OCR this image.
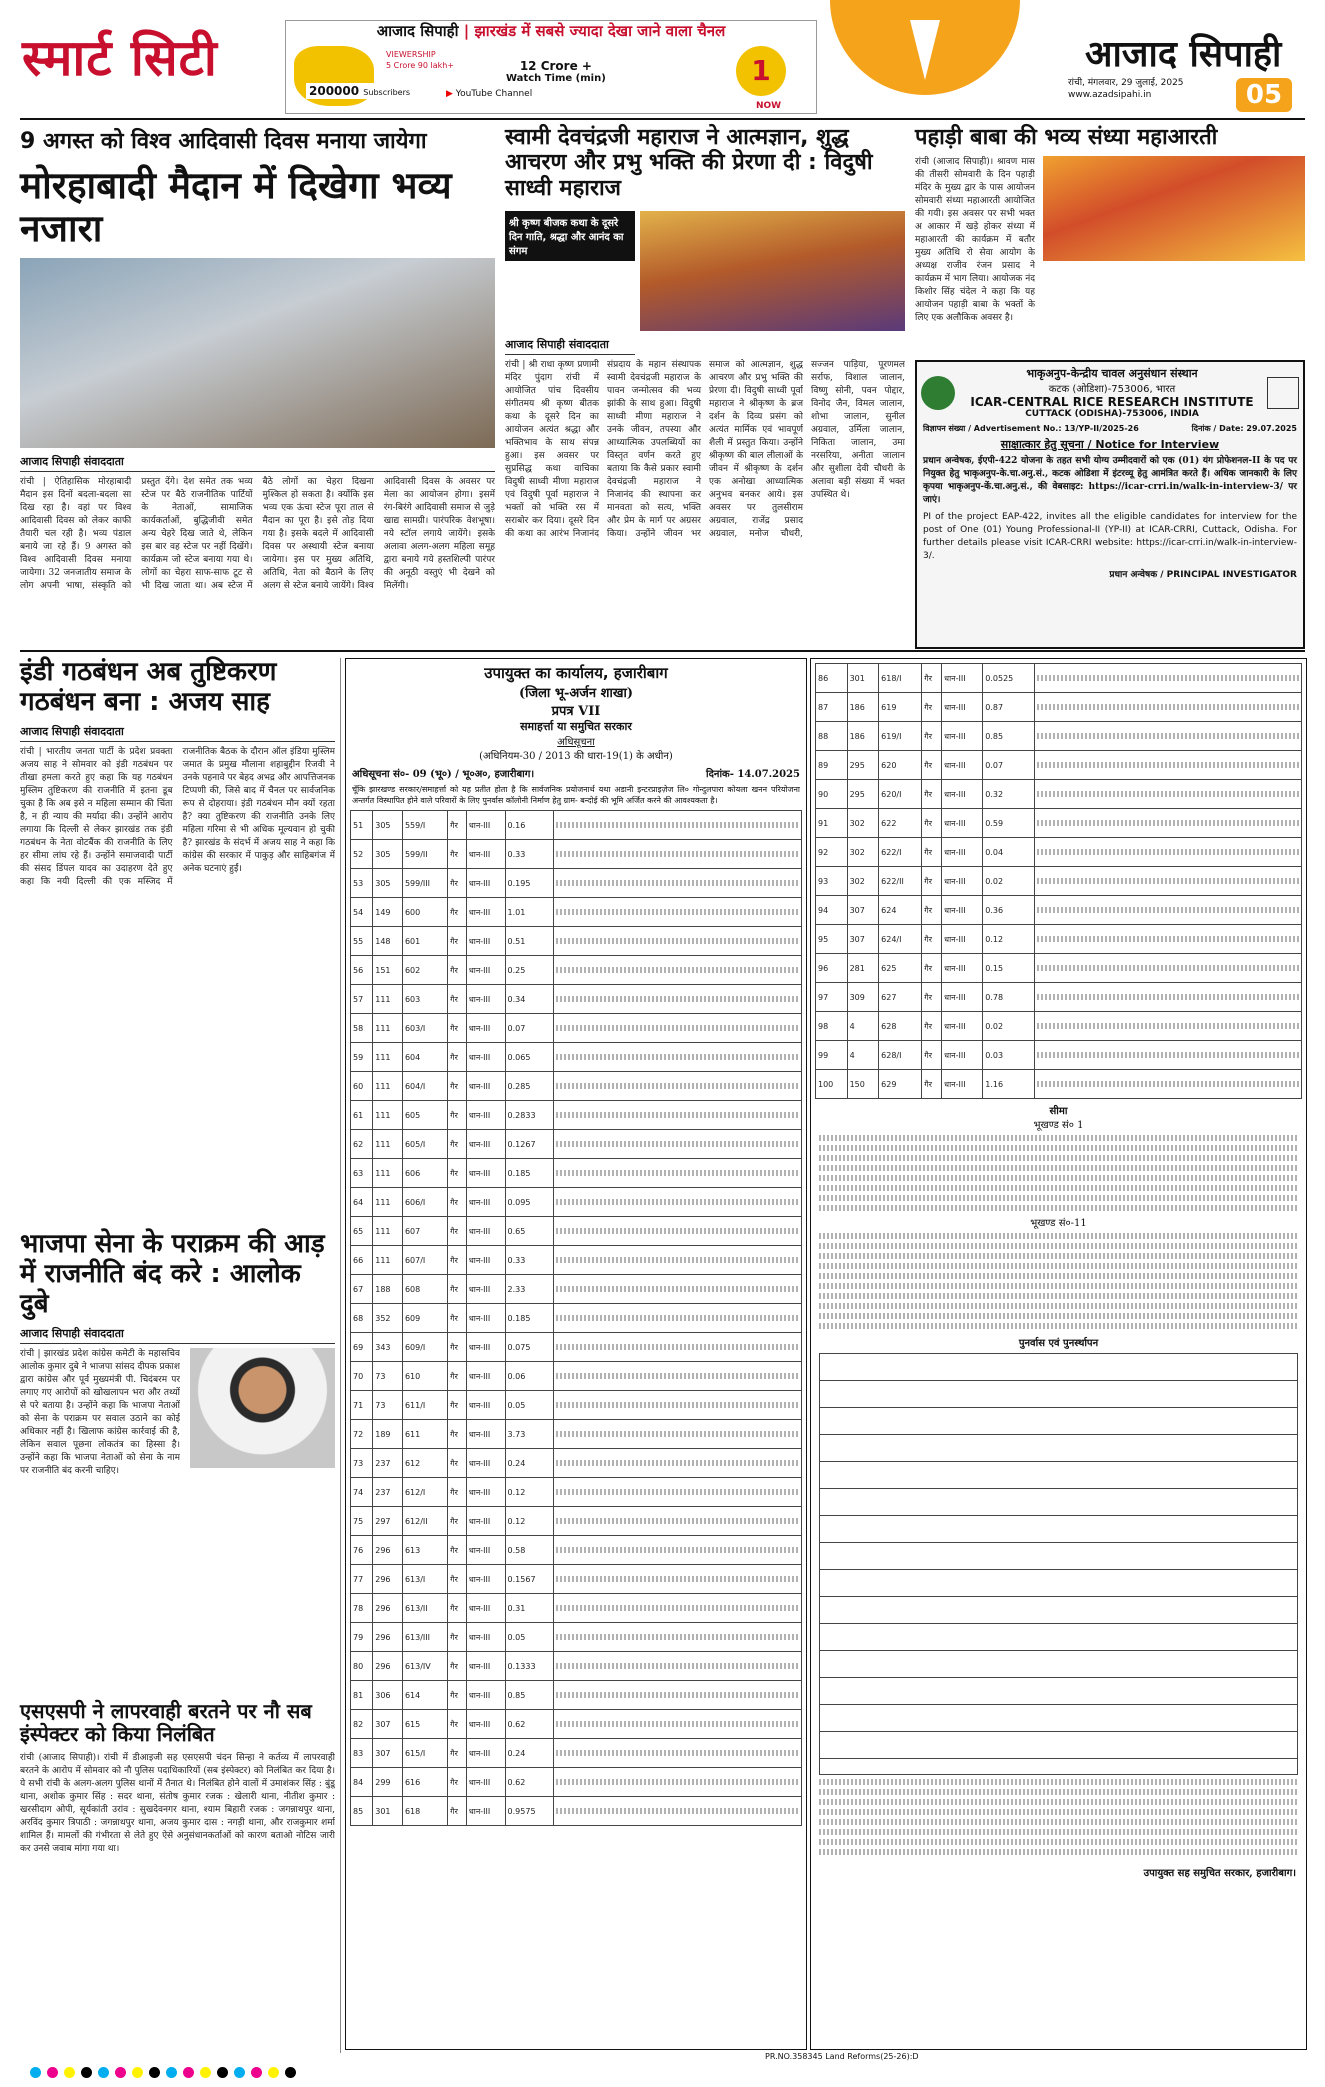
स्मार्ट सिटी	आजाद सिपाही | झारखंड में सबसे ज्यादा देखा जाने वाला चैनल
200000 Subscribers
VIEWERSHIP
5 Crore 90 lakh+	12 Crore +
Watch Time (min)
▶ YouTube Channel
1
NOW
आजाद सिपाही
रांची, मंगलवार, 29 जुलाई, 2025
www.azadsipahi.in	05
9 अगस्त को विश्व आदिवासी दिवस मनाया जायेगा
मोरहाबादी मैदान में दिखेगा भव्य नजारा
आजाद सिपाही संवाददाता
रांची | ऐतिहासिक मोरहाबादी मैदान इस दिनों बदला-बदला सा दिख रहा है। वहां पर विश्व आदिवासी दिवस को लेकर काफी तैयारी चल रही है। भव्य पंडाल बनाये जा रहे हैं। 9 अगस्त को विश्व आदिवासी दिवस मनाया जायेगा। 32 जनजातीय समाज के लोग अपनी भाषा, संस्कृति को प्रस्तुत देंगे। देश समेत तक भव्य स्टेज पर बैठे राजनीतिक पार्टियों के नेताओं, सामाजिक कार्यकर्ताओं, बुद्धिजीवी समेत अन्य चेहरे दिख जाते थे, लेकिन इस बार वह स्टेज पर नहीं दिखेंगे। कार्यक्रम जो स्टेज बनाया गया थे। लोगों का चेहरा साफ-साफ टूट से भी दिख जाता था। अब स्टेज में बैठे लोगों का चेहरा दिखना मुश्किल हो सकता है। क्योंकि इस भव्य एक ऊंचा स्टेज पूरा ताल से मैदान का पूरा है। इसे तोड़ दिया गया है। इसके बदले में आदिवासी दिवस पर अस्थायी स्टेज बनाया जायेगा। इस पर मुख्य अतिथि, अतिथि, नेता को बैठाने के लिए अलग से स्टेज बनाये जायेंगे। विश्व आदिवासी दिवस के अवसर पर मेला का आयोजन होगा। इसमें रंग-बिरंगे आदिवासी समाज से जुड़े खाद्य सामग्री। पारंपरिक वेशभूषा। नये स्टॉल लगाये जायेंगे। इसके अलावा अलग-अलग महिला समूह द्वारा बनाये गये हस्तशिल्पी पारंपर की अनूठी वस्तुएं भी देखने को मिलेंगी।
स्वामी देवचंद्रजी महाराज ने आत्मज्ञान, शुद्ध आचरण और प्रभु भक्ति की प्रेरणा दी : विदुषी साध्वी महाराज
श्री कृष्ण बीजक कथा के दूसरे दिन गाति, श्रद्धा और आनंद का संगम
आजाद सिपाही संवाददाता
रांची | श्री राधा कृष्ण प्रणामी मंदिर पुंदाग रांची में आयोजित पांच दिवसीय संगीतमय श्री कृष्ण बीतक कथा के दूसरे दिन का आयोजन अत्यंत श्रद्धा और भक्तिभाव के साथ संपन्न हुआ। इस अवसर पर सुप्रसिद्ध कथा वाचिका विदुषी साध्वी मीणा महाराज एवं विदुषी पूर्वा महाराज ने भक्तों को भक्ति रस में सराबोर कर दिया। दूसरे दिन की कथा का आरंभ निजानंद संप्रदाय के महान संस्थापक स्वामी देवचंद्रजी महाराज के पावन जन्मोत्सव की भव्य झांकी के साथ हुआ। विदुषी साध्वी मीणा महाराज ने उनके जीवन, तपस्या और आध्यात्मिक उपलब्धियों का विस्तृत वर्णन करते हुए बताया कि कैसे प्रकार स्वामी देवचंद्रजी महाराज ने निजानंद की स्थापना कर मानवता को सत्य, भक्ति और प्रेम के मार्ग पर अग्रसर किया। उन्होंने जीवन भर समाज को आत्मज्ञान, शुद्ध आचरण और प्रभु भक्ति की प्रेरणा दी। विदुषी साध्वी पूर्वा महाराज ने श्रीकृष्ण के ब्रज दर्शन के दिव्य प्रसंग को अत्यंत मार्मिक एवं भावपूर्ण शैली में प्रस्तुत किया। उन्होंने श्रीकृष्ण की बाल लीलाओं के जीवन में श्रीकृष्ण के दर्शन एक अनोखा आध्यात्मिक अनुभव बनकर आये। इस अवसर पर तुलसीराम अग्रवाल, राजेंद्र प्रसाद अग्रवाल, मनोज चौधरी, सज्जन पाड़िया, पूरणमल सर्राफ, विशाल जालान, विष्णु सोनी, पवन पोद्दार, विनोद जैन, विमल जालान, शोभा जालान, सुनील अग्रवाल, उर्मिला जालान, निकिता जालान, उमा नरसरिया, अनीता जालान और सुशीला देवी चौधरी के अलावा बड़ी संख्या में भक्त उपस्थित थे।
पहाड़ी बाबा की भव्य संध्या महाआरती
रांची (आजाद सिपाही)। श्रावण मास की तीसरी सोमवारी के दिन पहाड़ी मंदिर के मुख्य द्वार के पास आयोजन सोमवारी संध्या महाआरती आयोजित की गयी। इस अवसर पर सभी भक्त अ आकार में खड़े होकर संध्या में महाआरती की कार्यक्रम में बतौर मुख्य अतिथि रो सेवा आयोग के अध्यक्ष राजीव रंजन प्रसाद ने कार्यक्रम में भाग लिया। आयोजक नंद किशोर सिंह चंदेल ने कहा कि यह आयोजन पहाड़ी बाबा के भक्तों के लिए एक अलौकिक अवसर है।
भाकृअनुप-केन्द्रीय चावल अनुसंधान संस्थान
कटक (ओडिशा)-753006, भारत
ICAR-CENTRAL RICE RESEARCH INSTITUTE
CUTTACK (ODISHA)-753006, INDIA
विज्ञापन संख्या / Advertisement No.: 13/YP-II/2025-26	दिनांक / Date: 29.07.2025
साक्षात्कार हेतु सूचना / Notice for Interview
प्रधान अन्वेषक, ईएपी-422 योजना के तहत सभी योग्य उम्मीदवारों को एक (01) यंग प्रोफेशनल-II के पद पर नियुक्त हेतु भाकृअनुप-के.चा.अनु.सं., कटक ओडिशा में इंटरव्यू हेतु आमंत्रित करते हैं। अधिक जानकारी के लिए कृपया भाकृअनुप-कें.चा.अनु.सं., की वेबसाइट: https://icar-crri.in/walk-in-interview-3/ पर जाएं।
PI of the project EAP-422, invites all the eligible candidates for interview for the post of One (01) Young Professional-II (YP-II) at ICAR-CRRI, Cuttack, Odisha. For further details please visit ICAR-CRRI website: https://icar-crri.in/walk-in-interview-3/.
प्रधान अन्वेषक / PRINCIPAL INVESTIGATOR
इंडी गठबंधन अब तुष्टिकरण गठबंधन बना : अजय साह
आजाद सिपाही संवाददाता
रांची | भारतीय जनता पार्टी के प्रदेश प्रवक्ता अजय साह ने सोमवार को इंडी गठबंधन पर तीखा हमला करते हुए कहा कि यह गठबंधन मुस्लिम तुष्टिकरण की राजनीति में इतना डूब चुका है कि अब इसे न महिला सम्मान की चिंता है, न ही न्याय की मर्यादा की। उन्होंने आरोप लगाया कि दिल्ली से लेकर झारखंड तक इंडी गठबंधन के नेता वोटबैंक की राजनीति के लिए हर सीमा लांघ रहे हैं। उन्होंने समाजवादी पार्टी की संसद डिंपल यादव का उदाहरण देते हुए कहा कि नयी दिल्ली की एक मस्जिद में राजनीतिक बैठक के दौरान ऑल इंडिया मुस्लिम जमात के प्रमुख मौलाना शहाबुद्दीन रिजवी ने उनके पहनावे पर बेहद अभद्र और आपत्तिजनक टिप्पणी की, जिसे बाद में चैनल पर सार्वजनिक रूप से दोहराया। इंडी गठबंधन मौन क्यों रहता है? क्या तुष्टिकरण की राजनीति उनके लिए महिला गरिमा से भी अधिक मूल्यवान हो चुकी है? झारखंड के संदर्भ में अजय साह ने कहा कि कांग्रेस की सरकार में पाकुड़ और साहिबगंज में अनेक घटनाएं हुईं।
भाजपा सेना के पराक्रम की आड़ में राजनीति बंद करे : आलोक दुबे
आजाद सिपाही संवाददाता
रांची | झारखंड प्रदेश कांग्रेस कमेटी के महासचिव आलोक कुमार दुबे ने भाजपा सांसद दीपक प्रकाश द्वारा कांग्रेस और पूर्व मुख्यमंत्री पी. चिदंबरम पर लगाए गए आरोपों को खोखलापन भरा और तथ्यों से परे बताया है। उन्होंने कहा कि भाजपा नेताओं को सेना के पराक्रम पर सवाल उठाने का कोई अधिकार नहीं है। खिलाफ कांग्रेस कार्रवाई की है, लेकिन सवाल पूछना लोकतंत्र का हिस्सा है। उन्होंने कहा कि भाजपा नेताओं को सेना के नाम पर राजनीति बंद करनी चाहिए।
एसएसपी ने लापरवाही बरतने पर नौ सब इंस्पेक्टर को किया निलंबित
रांची (आजाद सिपाही)। रांची में डीआइजी सह एसएसपी चंदन सिन्हा ने कर्तव्य में लापरवाही बरतने के आरोप में सोमवार को नौ पुलिस पदाधिकारियों (सब इंस्पेक्टर) को निलंबित कर दिया है। ये सभी रांची के अलग-अलग पुलिस थानों में तैनात थे। निलंबित होने वालों में उमाशंकर सिंह : बुंडू थाना, अशोक कुमार सिंह : सदर थाना, संतोष कुमार रजक : खेलारी थाना, नीतीश कुमार : खरसीदाग ओपी, सूर्यकांती उरांव : सुखदेवनगर थाना, श्याम बिहारी रजक : जगन्नाथपुर थाना, अरविंद कुमार त्रिपाठी : जगन्नाथपुर थाना, अजय कुमार दास : नगड़ी थाना, और राजकुमार शर्मा शामिल हैं। मामलों की गंभीरता से लेते हुए ऐसे अनुसंधानकर्ताओं को कारण बताओ नोटिस जारी कर उनसे जवाब मांगा गया था।
उपायुक्त का कार्यालय, हजारीबाग
(जिला भू-अर्जन शाखा)
प्रपत्र VII
समाहर्त्ता या समुचित सरकार
अधिसूचना
(अधिनियम-30 / 2013 की धारा-19(1) के अधीन)
अधिसूचना सं०- 09 (भू०) / भू०अ०, हजारीबाग।	दिनांक- 14.07.2025
चूँकि झारखण्ड सरकार/समाहर्त्ता को यह प्रतीत होता है कि सार्वजनिक प्रयोजनार्थ यथा अडानी इन्टरप्राइज़ेज लि० गोन्दुलपारा कोयला खनन परियोजना अन्तर्गत विस्थापित होने वाले परिवारों के लिए पुनर्वास कॉलोनी निर्माण हेतु ग्राम- बन्दोई की भूमि अर्जित करने की आवश्यकता है।
51	305	559/I	गैर	धान-III	0.16	

52	305	599/II	गैर	धान-III	0.33	

53	305	599/III	गैर	धान-III	0.195	

54	149	600	गैर	धान-III	1.01	

55	148	601	गैर	धान-III	0.51	

56	151	602	गैर	धान-III	0.25	

57	111	603	गैर	धान-III	0.34	

58	111	603/I	गैर	धान-III	0.07	

59	111	604	गैर	धान-III	0.065	

60	111	604/I	गैर	धान-III	0.285	

61	111	605	गैर	धान-III	0.2833	

62	111	605/I	गैर	धान-III	0.1267	

63	111	606	गैर	धान-III	0.185	

64	111	606/I	गैर	धान-III	0.095	

65	111	607	गैर	धान-III	0.65	

66	111	607/I	गैर	धान-III	0.33	

67	188	608	गैर	धान-III	2.33	

68	352	609	गैर	धान-III	0.185	

69	343	609/I	गैर	धान-III	0.075	

70	73	610	गैर	धान-III	0.06	

71	73	611/I	गैर	धान-III	0.05	

72	189	611	गैर	धान-III	3.73	

73	237	612	गैर	धान-III	0.24	

74	237	612/I	गैर	धान-III	0.12	

75	297	612/II	गैर	धान-III	0.12	

76	296	613	गैर	धान-III	0.58	

77	296	613/I	गैर	धान-III	0.1567	

78	296	613/II	गैर	धान-III	0.31	

79	296	613/III	गैर	धान-III	0.05	

80	296	613/IV	गैर	धान-III	0.1333	

81	306	614	गैर	धान-III	0.85	

82	307	615	गैर	धान-III	0.62	

83	307	615/I	गैर	धान-III	0.24	

84	299	616	गैर	धान-III	0.62	

85	301	618	गैर	धान-III	0.9575	
86	301	618/I	गैर	धान-III	0.0525	

87	186	619	गैर	धान-III	0.87	

88	186	619/I	गैर	धान-III	0.85	

89	295	620	गैर	धान-III	0.07	

90	295	620/I	गैर	धान-III	0.32	

91	302	622	गैर	धान-III	0.59	

92	302	622/I	गैर	धान-III	0.04	

93	302	622/II	गैर	धान-III	0.02	

94	307	624	गैर	धान-III	0.36	

95	307	624/I	गैर	धान-III	0.12	

96	281	625	गैर	धान-III	0.15	

97	309	627	गैर	धान-III	0.78	

98	4	628	गैर	धान-III	0.02	

99	4	628/I	गैर	धान-III	0.03	

100	150	629	गैर	धान-III	1.16	
सीमा
भूखण्ड सं० 1
भूखण्ड सं०-11
पुनर्वास एवं पुनर्स्थापन
उपायुक्त सह समुचित सरकार, हजारीबाग।
PR.NO.358345 Land Reforms(25-26):D
